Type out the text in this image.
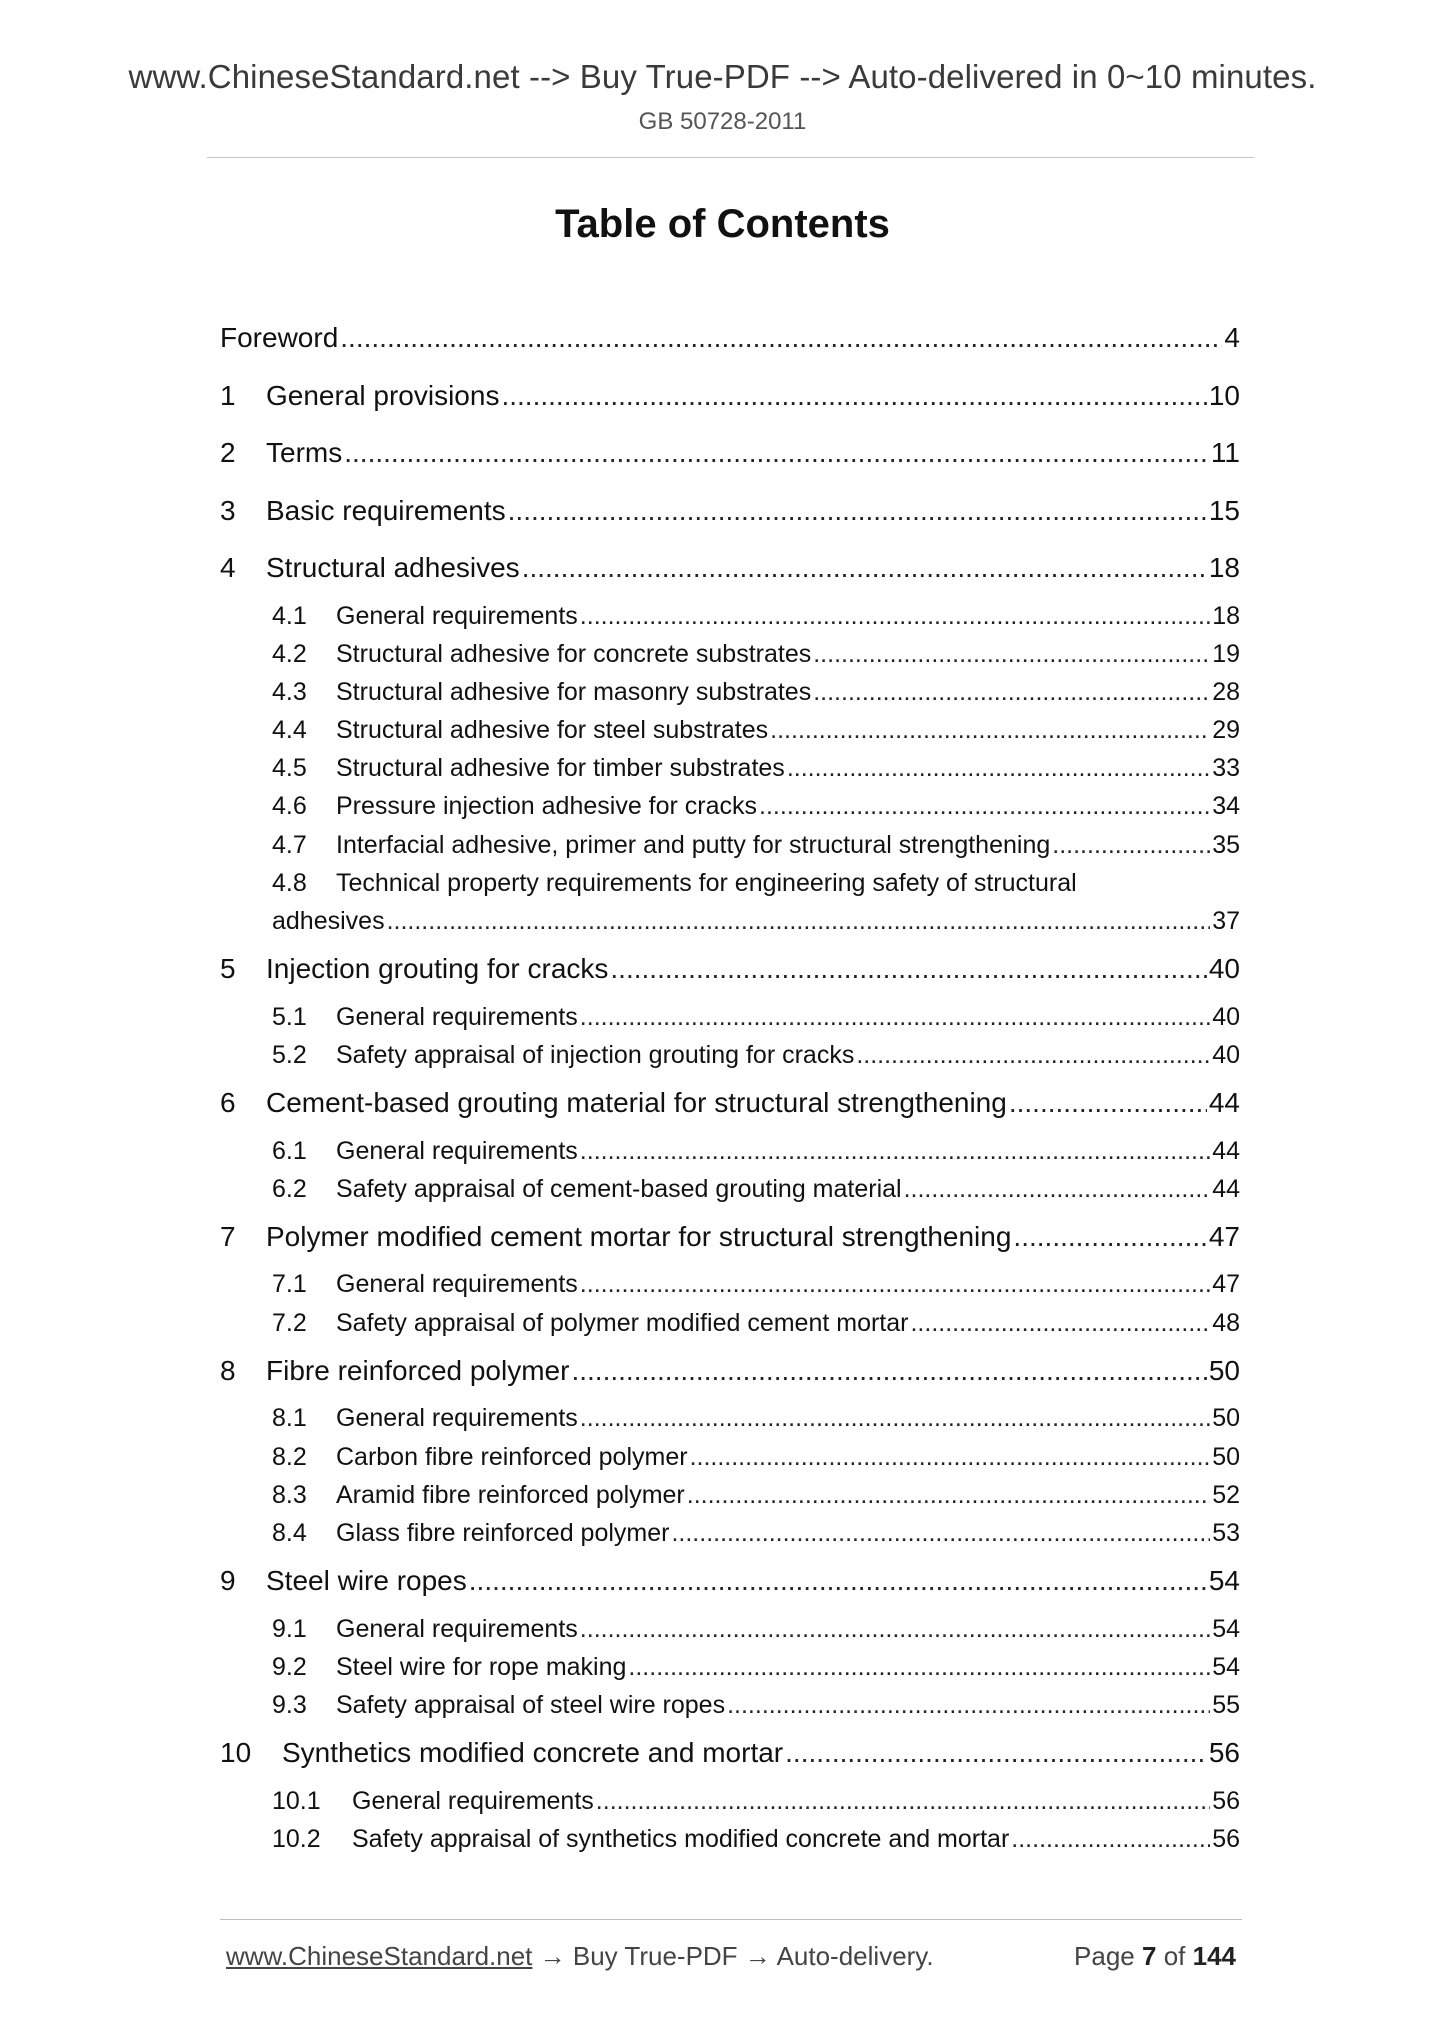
www.ChineseStandard.net --> Buy True-PDF --> Auto-delivered in 0~10 minutes.
GB 50728-2011
Table of Contents
Foreword .....	4
1	General provisions .....	10
2	Terms .....	11
3	Basic requirements .....	15
4	Structural adhesives .....	18
4.1	General requirements .....	18
4.2	Structural adhesive for concrete substrates .....	19
4.3	Structural adhesive for masonry substrates .....	28
4.4	Structural adhesive for steel substrates .....	29
4.5	Structural adhesive for timber substrates .....	33
4.6	Pressure injection adhesive for cracks .....	34
4.7	Interfacial adhesive, primer and putty for structural strengthening .....	35
4.8	Technical property requirements for engineering safety of structural
adhesives .....	37
5	Injection grouting for cracks .....	40
5.1	General requirements .....	40
5.2	Safety appraisal of injection grouting for cracks .....	40
6	Cement-based grouting material for structural strengthening .....	44
6.1	General requirements .....	44
6.2	Safety appraisal of cement-based grouting material .....	44
7	Polymer modified cement mortar for structural strengthening .....	47
7.1	General requirements .....	47
7.2	Safety appraisal of polymer modified cement mortar .....	48
8	Fibre reinforced polymer .....	50
8.1	General requirements .....	50
8.2	Carbon fibre reinforced polymer .....	50
8.3	Aramid fibre reinforced polymer .....	52
8.4	Glass fibre reinforced polymer .....	53
9	Steel wire ropes .....	54
9.1	General requirements .....	54
9.2	Steel wire for rope making .....	54
9.3	Safety appraisal of steel wire ropes .....	55
10	Synthetics modified concrete and mortar .....	56
10.1	General requirements .....	56
10.2	Safety appraisal of synthetics modified concrete and mortar .....	56
www.ChineseStandard.net → Buy True-PDF → Auto-delivery.	Page 7 of 144
